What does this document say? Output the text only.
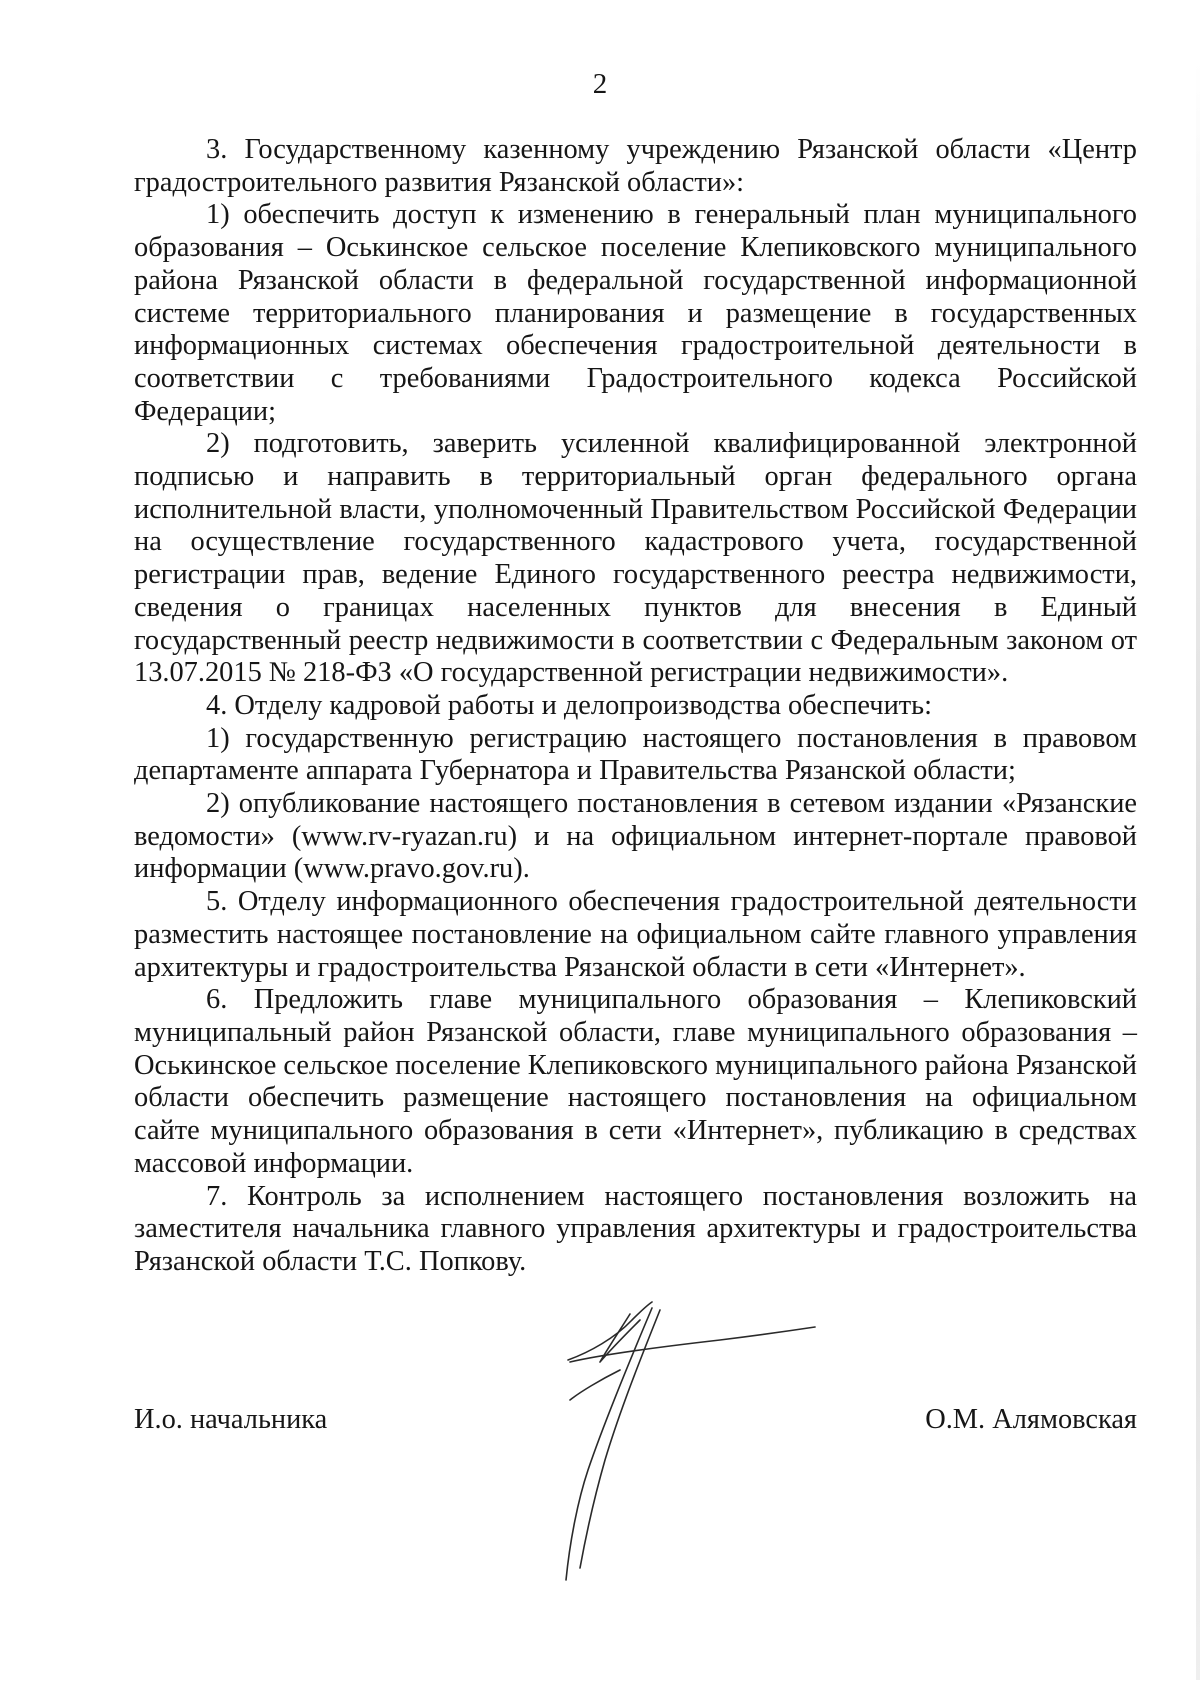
2

3. Государственному казенному учреждению Рязанской области «Центр градостроительного развития Рязанской области»:

1) обеспечить доступ к изменению в генеральный план муниципального образования – Оськинское сельское поселение Клепиковского муниципального района Рязанской области в федеральной государственной информационной системе территориального планирования и размещение в государственных информационных системах обеспечения градостроительной деятельности в соответствии с требованиями Градостроительного кодекса Российской Федерации;

2) подготовить, заверить усиленной квалифицированной электронной подписью и направить в территориальный орган федерального органа исполнительной власти, уполномоченный Правительством Российской Федерации на осуществление государственного кадастрового учета, государственной регистрации прав, ведение Единого государственного реестра недвижимости, сведения о границах населенных пунктов для внесения в Единый государственный реестр недвижимости в соответствии с Федеральным законом от 13.07.2015 № 218-ФЗ «О государственной регистрации недвижимости».

4. Отделу кадровой работы и делопроизводства обеспечить:

1) государственную регистрацию настоящего постановления в правовом департаменте аппарата Губернатора и Правительства Рязанской области;

2) опубликование настоящего постановления в сетевом издании «Рязанские ведомости» (www.rv-ryazan.ru) и на официальном интернет-портале правовой информации (www.pravo.gov.ru).

5. Отделу информационного обеспечения градостроительной деятельности разместить настоящее постановление на официальном сайте главного управления архитектуры и градостроительства Рязанской области в сети «Интернет».

6. Предложить главе муниципального образования – Клепиковский муниципальный район Рязанской области, главе муниципального образования – Оськинское сельское поселение Клепиковского муниципального района Рязанской области обеспечить размещение настоящего постановления на официальном сайте муниципального образования в сети «Интернет», публикацию в средствах массовой информации.

7. Контроль за исполнением настоящего постановления возложить на заместителя начальника главного управления архитектуры и градостроительства Рязанской области Т.С. Попкову.

И.о. начальника	О.М. Алямовская
